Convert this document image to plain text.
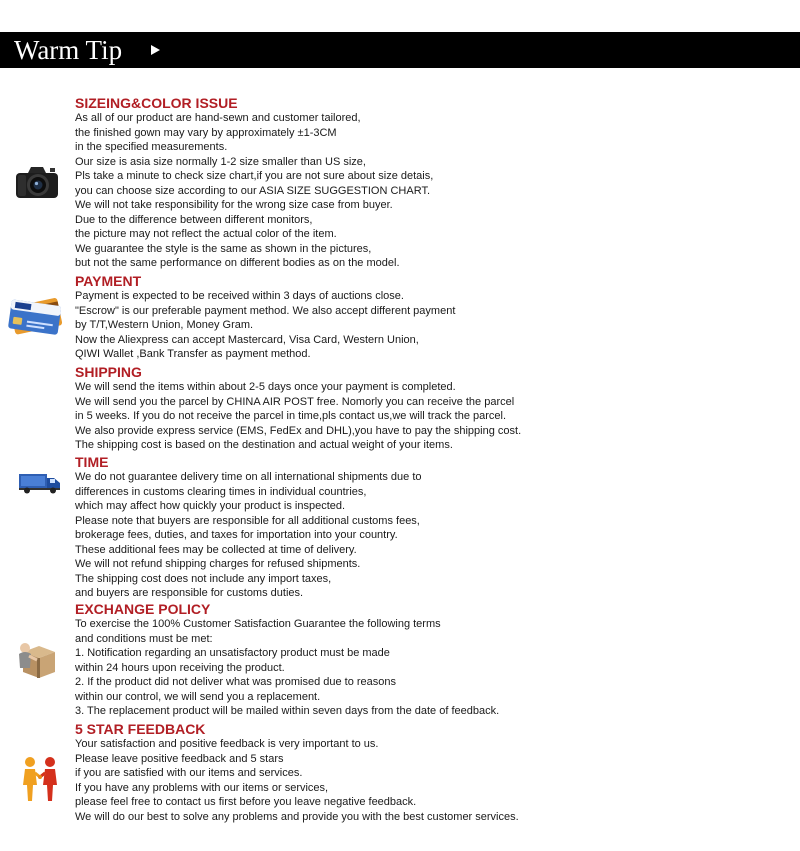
Warm Tip
SIZEING&COLOR ISSUE
As all of our product are hand-sewn and customer tailored,
the finished gown may vary by approximately ±1-3CM
in the specified measurements.
Our size is asia size normally 1-2 size smaller than US size,
Pls take a minute to check size chart,if you are not sure about size detais,
you can choose size according to our ASIA SIZE SUGGESTION CHART.
We will not take responsibility for the wrong size case from buyer.
Due to the difference between different monitors,
the picture may not reflect the actual color of the item.
We guarantee the style is the same as shown in the pictures,
but not the same performance on different bodies as on the model.
PAYMENT
Payment is expected to be received within 3 days of auctions close.
"Escrow" is our preferable payment method. We also accept different payment
by T/T,Western Union, Money Gram.
Now the Aliexpress can accept Mastercard, Visa Card, Western Union,
QIWI Wallet ,Bank Transfer as payment method.
SHIPPING
We will send the items within about 2-5 days once your payment is completed.
We will send you the parcel by CHINA AIR POST free. Nomorly you can receive the parcel
in 5 weeks. If you do not receive the parcel in time,pls contact us,we will track the parcel.
We also provide express service (EMS, FedEx and DHL),you have to pay the shipping cost.
The shipping cost is based on the destination and actual weight of your items.
TIME
We do not guarantee delivery time on all international shipments due to
differences in customs clearing times in individual countries,
which may affect how quickly your product is inspected.
Please note that buyers are responsible for all additional customs fees,
brokerage fees, duties, and taxes for importation into your country.
These additional fees may be collected at time of delivery.
We will not refund shipping charges for refused shipments.
The shipping cost does not include any import taxes,
and buyers are responsible for customs duties.
EXCHANGE POLICY
To exercise the 100% Customer Satisfaction Guarantee the following terms
and conditions must be met:
1. Notification regarding an unsatisfactory product must be made
within 24 hours upon receiving the product.
2. If the product did not deliver what was promised due to reasons
within our control, we will send you a replacement.
3. The replacement product will be mailed within seven days from the date of feedback.
5 STAR FEEDBACK
Your satisfaction and positive feedback is very important to us.
Please leave positive feedback and 5 stars
if you are satisfied with our items and services.
If you have any problems with our items or services,
please feel free to contact us first before you leave negative feedback.
We will do our best to solve any problems and provide you with the best customer services.
